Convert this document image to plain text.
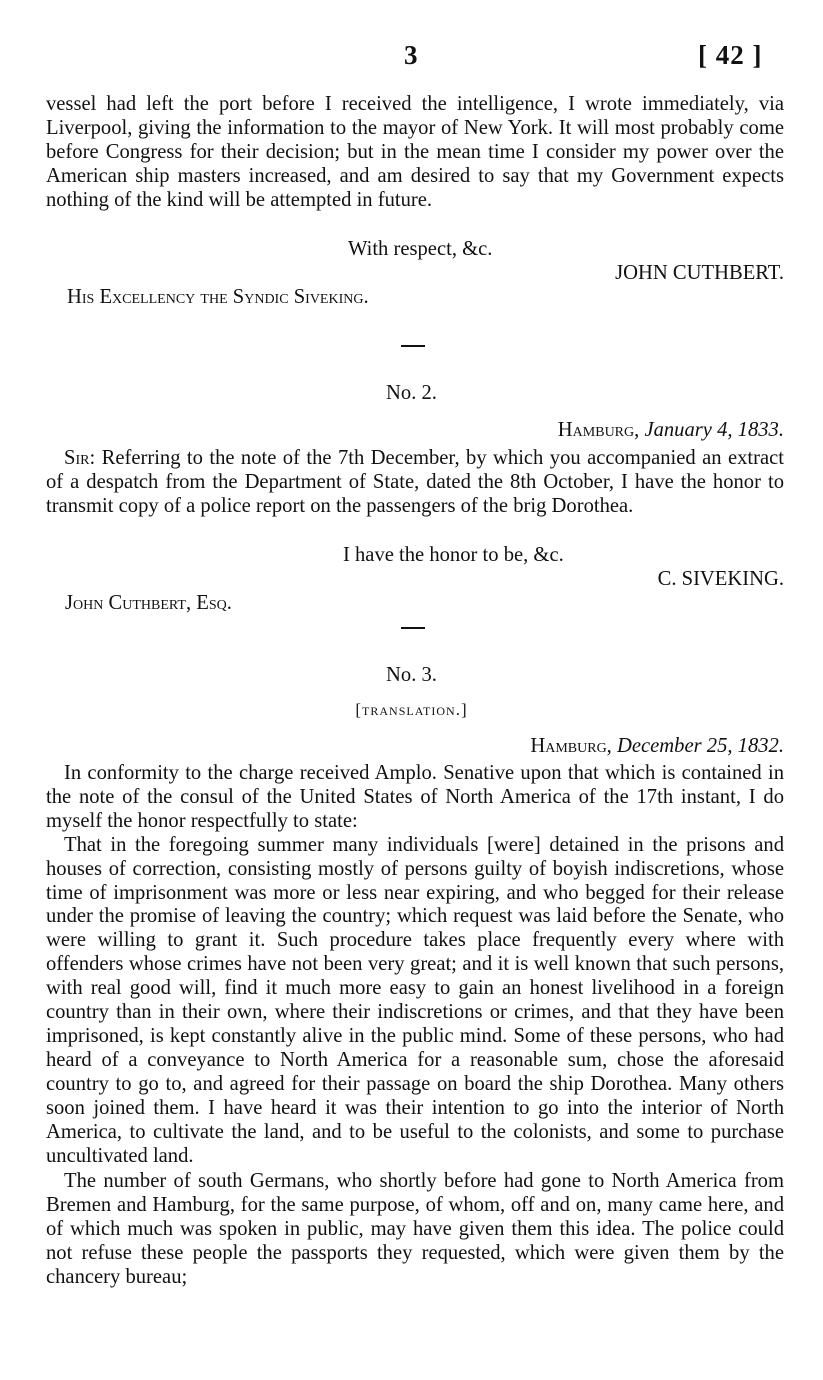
3	[ 42 ]

vessel had left the port before I received the intelligence, I wrote immediately, via Liverpool, giving the information to the mayor of New York. It will most probably come before Congress for their decision; but in the mean time I consider my power over the American ship masters increased, and am desired to say that my Government expects nothing of the kind will be attempted in future.

With respect, &c.
JOHN CUTHBERT.
His Excellency the Syndic Siveking.
No. 2.
Hamburg, January 4, 1833.

Sir: Referring to the note of the 7th December, by which you accompanied an extract of a despatch from the Department of State, dated the 8th October, I have the honor to transmit copy of a police report on the passengers of the brig Dorothea.

I have the honor to be, &c.
C. SIVEKING.
John Cuthbert, Esq.
No. 3.
[translation.]
Hamburg, December 25, 1832.

In conformity to the charge received Amplo. Senative upon that which is contained in the note of the consul of the United States of North America of the 17th instant, I do myself the honor respectfully to state:

That in the foregoing summer many individuals [were] detained in the prisons and houses of correction, consisting mostly of persons guilty of boyish indiscretions, whose time of imprisonment was more or less near expiring, and who begged for their release under the promise of leaving the country; which request was laid before the Senate, who were willing to grant it. Such procedure takes place frequently every where with offenders whose crimes have not been very great; and it is well known that such persons, with real good will, find it much more easy to gain an honest livelihood in a foreign country than in their own, where their indiscretions or crimes, and that they have been imprisoned, is kept constantly alive in the public mind. Some of these persons, who had heard of a conveyance to North America for a reasonable sum, chose the aforesaid country to go to, and agreed for their passage on board the ship Dorothea. Many others soon joined them. I have heard it was their intention to go into the interior of North America, to cultivate the land, and to be useful to the colonists, and some to purchase uncultivated land.

The number of south Germans, who shortly before had gone to North America from Bremen and Hamburg, for the same purpose, of whom, off and on, many came here, and of which much was spoken in public, may have given them this idea. The police could not refuse these people the passports they requested, which were given them by the chancery bureau;
